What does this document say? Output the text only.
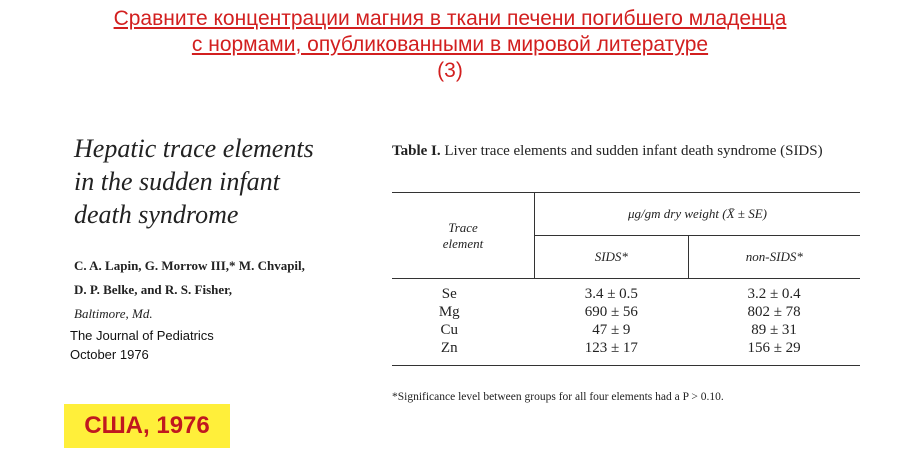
Сравните концентрации магния в ткани печени погибшего младенца
с нормами, опубликованными в мировой литературе
(3)
Hepatic trace elements
in the sudden infant
death syndrome
C. A. Lapin, G. Morrow III,* M. Chvapil,
D. P. Belke, and R. S. Fisher,
Baltimore, Md.
The Journal of Pediatrics
October 1976
США, 1976
Table I. Liver trace elements and sudden infant death syndrome (SIDS)
Trace
element	μg/gm dry weight (X̄ ± SE)	
	SIDS*	non-SIDS*

Se	3.4 ± 0.5	3.2 ± 0.4
Mg	690 ± 56	802 ± 78
Cu	47 ± 9	89 ± 31
Zn	123 ± 17	156 ± 29

*Significance level between groups for all four elements had a P > 0.10.
